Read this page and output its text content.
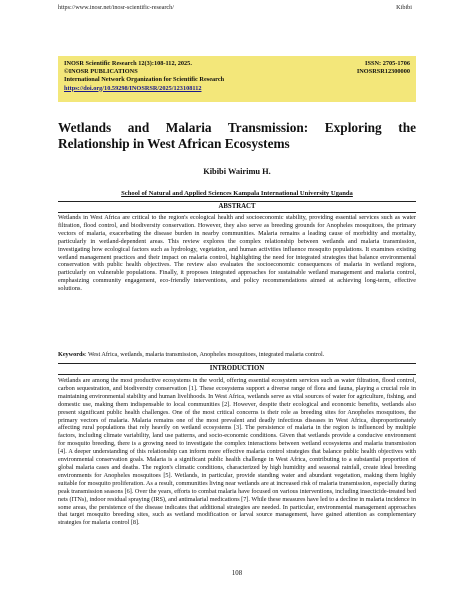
https://www.inosr.net/inosr-scientific-research/	Kibibi
INOSR Scientific Research 12(3):108-112, 2025.	ISSN: 2705-1706
©INOSR PUBLICATIONS	INOSRSR12300000
International Network Organization for Scientific Research
https://doi.org/10.59298/INOSRSR/2025/123108112
Wetlands and Malaria Transmission: Exploring the Relationship in West African Ecosystems
Kibibi Wairimu H.
School of Natural and Applied Sciences Kampala International University Uganda
ABSTRACT
Wetlands in West Africa are critical to the region's ecological health and socioeconomic stability, providing essential services such as water filtration, flood control, and biodiversity conservation. However, they also serve as breeding grounds for Anopheles mosquitoes, the primary vectors of malaria, exacerbating the disease burden in nearby communities. Malaria remains a leading cause of morbidity and mortality, particularly in wetland-dependent areas. This review explores the complex relationship between wetlands and malaria transmission, investigating how ecological factors such as hydrology, vegetation, and human activities influence mosquito populations. It examines existing wetland management practices and their impact on malaria control, highlighting the need for integrated strategies that balance environmental conservation with public health objectives. The review also evaluates the socioeconomic consequences of malaria in wetland regions, particularly on vulnerable populations. Finally, it proposes integrated approaches for sustainable wetland management and malaria control, emphasizing community engagement, eco-friendly interventions, and policy recommendations aimed at achieving long-term, effective solutions.
Keywords: West Africa, wetlands, malaria transmission, Anopheles mosquitoes, integrated malaria control.
INTRODUCTION
Wetlands are among the most productive ecosystems in the world, offering essential ecosystem services such as water filtration, flood control, carbon sequestration, and biodiversity conservation [1]. These ecosystems support a diverse range of flora and fauna, playing a crucial role in maintaining environmental stability and human livelihoods. In West Africa, wetlands serve as vital sources of water for agriculture, fishing, and domestic use, making them indispensable to local communities [2]. However, despite their ecological and economic benefits, wetlands also present significant public health challenges. One of the most critical concerns is their role as breeding sites for Anopheles mosquitoes, the primary vectors of malaria. Malaria remains one of the most prevalent and deadly infectious diseases in West Africa, disproportionately affecting rural populations that rely heavily on wetland ecosystems [3]. The persistence of malaria in the region is influenced by multiple factors, including climate variability, land use patterns, and socio-economic conditions. Given that wetlands provide a conducive environment for mosquito breeding, there is a growing need to investigate the complex interactions between wetland ecosystems and malaria transmission [4]. A deeper understanding of this relationship can inform more effective malaria control strategies that balance public health objectives with environmental conservation goals. Malaria is a significant public health challenge in West Africa, contributing to a substantial proportion of global malaria cases and deaths. The region's climatic conditions, characterized by high humidity and seasonal rainfall, create ideal breeding environments for Anopheles mosquitoes [5]. Wetlands, in particular, provide standing water and abundant vegetation, making them highly suitable for mosquito proliferation. As a result, communities living near wetlands are at increased risk of malaria transmission, especially during peak transmission seasons [6]. Over the years, efforts to combat malaria have focused on various interventions, including insecticide-treated bed nets (ITNs), indoor residual spraying (IRS), and antimalarial medications [7]. While these measures have led to a decline in malaria incidence in some areas, the persistence of the disease indicates that additional strategies are needed. In particular, environmental management approaches that target mosquito breeding sites, such as wetland modification or larval source management, have gained attention as complementary strategies for malaria control [8].
108
